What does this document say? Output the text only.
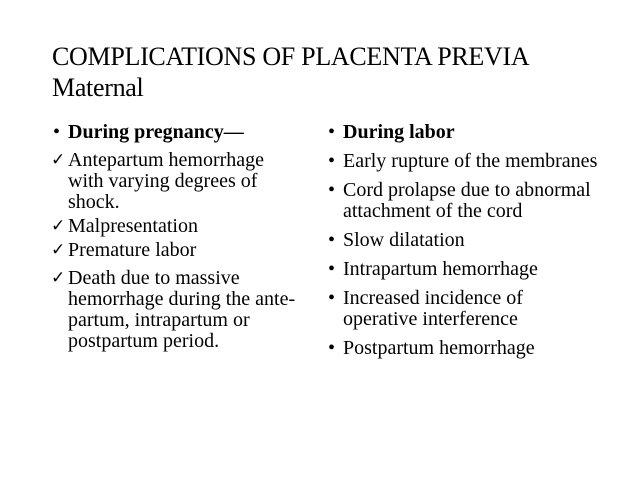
COMPLICATIONS OF PLACENTA PREVIA
Maternal
• During pregnancy—
✓ Antepartum hemorrhage with varying degrees of shock.
✓ Malpresentation
✓ Premature labor
✓ Death due to massive hemorrhage during the ante-partum, intrapartum or postpartum period.
• During labor
• Early rupture of the membranes
• Cord prolapse due to abnormal attachment of the cord
• Slow dilatation
• Intrapartum hemorrhage
• Increased incidence of operative interference
• Postpartum hemorrhage
